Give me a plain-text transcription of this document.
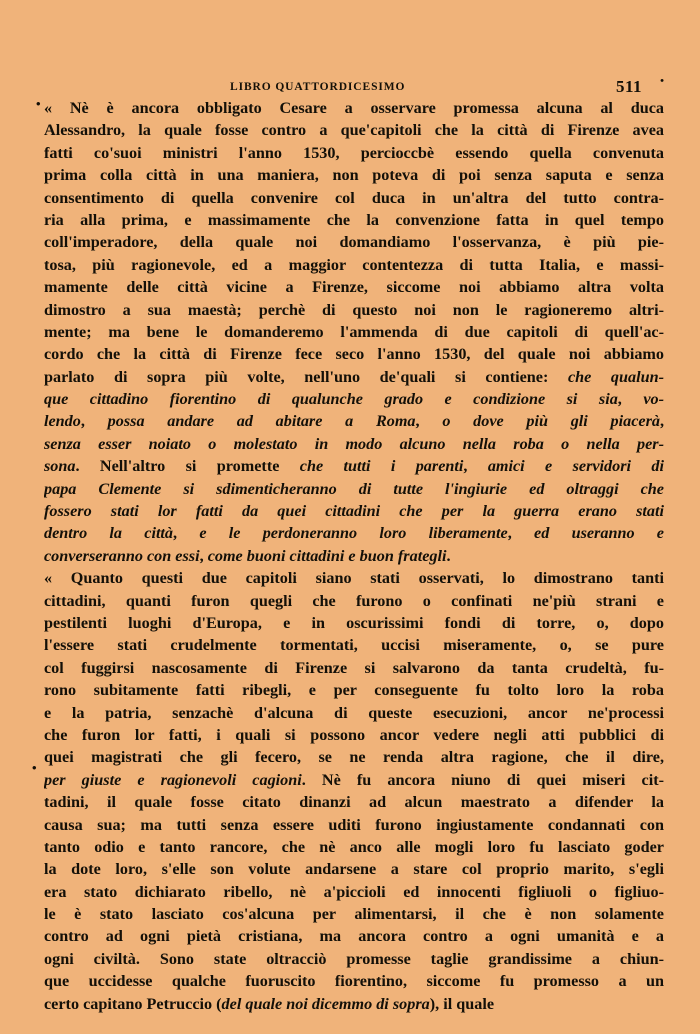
LIBRO QUATTORDICESIMO	511 •
•
•
« Nè è ancora obbligato Cesare a osservare promessa alcuna al duca
Alessandro, la quale fosse contro a que'capitoli che la città di Firenze avea
fatti co'suoi ministri l'anno 1530, percioccbè essendo quella convenuta
prima colla città in una maniera, non poteva di poi senza saputa e senza
consentimento di quella convenire col duca in un'altra del tutto contra-
ria alla prima, e massimamente che la convenzione fatta in quel tempo
coll'imperadore, della quale noi domandiamo l'osservanza, è più pie-
tosa, più ragionevole, ed a maggior contentezza di tutta Italia, e massi-
mamente delle città vicine a Firenze, siccome noi abbiamo altra volta
dimostro a sua maestà; perchè di questo noi non le ragioneremo altri-
mente; ma bene le domanderemo l'ammenda di due capitoli di quell'ac-
cordo che la città di Firenze fece seco l'anno 1530, del quale noi abbiamo
parlato di sopra più volte, nell'uno de'quali si contiene: che qualun-
que cittadino fiorentino di qualunche grado e condizione si sia, vo-
lendo, possa andare ad abitare a Roma, o dove più gli piacerà,
senza esser noiato o molestato in modo alcuno nella roba o nella per-
sona. Nell'altro si promette che tutti i parenti, amici e servidori di
papa Clemente si sdimenticheranno di tutte l'ingiurie ed oltraggi che
fossero stati lor fatti da quei cittadini che per la guerra erano stati
dentro la città, e le perdoneranno loro liberamente, ed useranno e
converseranno con essi, come buoni cittadini e buon frategli.
« Quanto questi due capitoli siano stati osservati, lo dimostrano tanti
cittadini, quanti furon quegli che furono o confinati ne'più strani e
pestilenti luoghi d'Europa, e in oscurissimi fondi di torre, o, dopo
l'essere stati crudelmente tormentati, uccisi miseramente, o, se pure
col fuggirsi nascosamente di Firenze si salvarono da tanta crudeltà, fu-
rono subitamente fatti ribegli, e per conseguente fu tolto loro la roba
e la patria, senzachè d'alcuna di queste esecuzioni, ancor ne'processi
che furon lor fatti, i quali si possono ancor vedere negli atti pubblici di
quei magistrati che gli fecero, se ne renda altra ragione, che il dire,
per giuste e ragionevoli cagioni. Nè fu ancora niuno di quei miseri cit-
tadini, il quale fosse citato dinanzi ad alcun maestrato a difender la
causa sua; ma tutti senza essere uditi furono ingiustamente condannati con
tanto odio e tanto rancore, che nè anco alle mogli loro fu lasciato goder
la dote loro, s'elle son volute andarsene a stare col proprio marito, s'egli
era stato dichiarato ribello, nè a'piccioli ed innocenti figliuoli o figliuo-
le è stato lasciato cos'alcuna per alimentarsi, il che è non solamente
contro ad ogni pietà cristiana, ma ancora contro a ogni umanità e a
ogni civiltà. Sono state oltracciò promesse taglie grandissime a chiun-
que uccidesse qualche fuoruscito fiorentino, siccome fu promesso a un
certo capitano Petruccio (del quale noi dicemmo di sopra), il quale
